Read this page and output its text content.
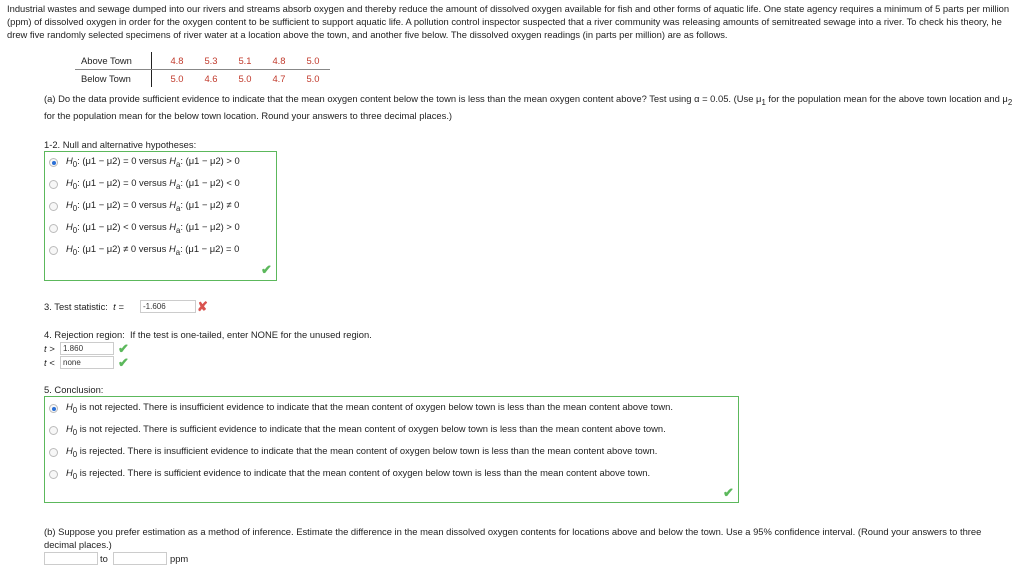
Industrial wastes and sewage dumped into our rivers and streams absorb oxygen and thereby reduce the amount of dissolved oxygen available for fish and other forms of aquatic life. One state agency requires a minimum of 5 parts per million (ppm) of dissolved oxygen in order for the oxygen content to be sufficient to support aquatic life. A pollution control inspector suspected that a river community was releasing amounts of semitreated sewage into a river. To check his theory, he drew five randomly selected specimens of river water at a location above the town, and another five below. The dissolved oxygen readings (in parts per million) are as follows.
Above Town	4.8	5.3	5.1	4.8	5.0
Below Town	5.0	4.6	5.0	4.7	5.0
(a) Do the data provide sufficient evidence to indicate that the mean oxygen content below the town is less than the mean oxygen content above? Test using α = 0.05. (Use $\mu_1$ for the population mean for the above town location and $\mu_2$ for the population mean for the below town location. Round your answers to three decimal places.)
1-2. Null and alternative hypotheses:
$H_0$: (μ1 − μ2) = 0 versus $H_a$: (μ1 − μ2) > 0
$H_0$: (μ1 − μ2) = 0 versus $H_a$: (μ1 − μ2) < 0
$H_0$: (μ1 − μ2) = 0 versus $H_a$: (μ1 − μ2) ≠ 0
$H_0$: (μ1 − μ2) < 0 versus $H_a$: (μ1 − μ2) > 0
$H_0$: (μ1 − μ2) ≠ 0 versus $H_a$: (μ1 − μ2) = 0
✔
3. Test statistic: t =	-1.606	✘
4. Rejection region: If the test is one-tailed, enter NONE for the unused region.
t >	1.860	✔
t <	none	✔
5. Conclusion:
$H_0$ is not rejected. There is insufficient evidence to indicate that the mean content of oxygen below town is less than the mean content above town.
$H_0$ is not rejected. There is sufficient evidence to indicate that the mean content of oxygen below town is less than the mean content above town.
$H_0$ is rejected. There is insufficient evidence to indicate that the mean content of oxygen below town is less than the mean content above town.
$H_0$ is rejected. There is sufficient evidence to indicate that the mean content of oxygen below town is less than the mean content above town.
✔
(b) Suppose you prefer estimation as a method of inference. Estimate the difference in the mean dissolved oxygen contents for locations above and below the town. Use a 95% confidence interval. (Round your answers to three decimal places.)
to	ppm
